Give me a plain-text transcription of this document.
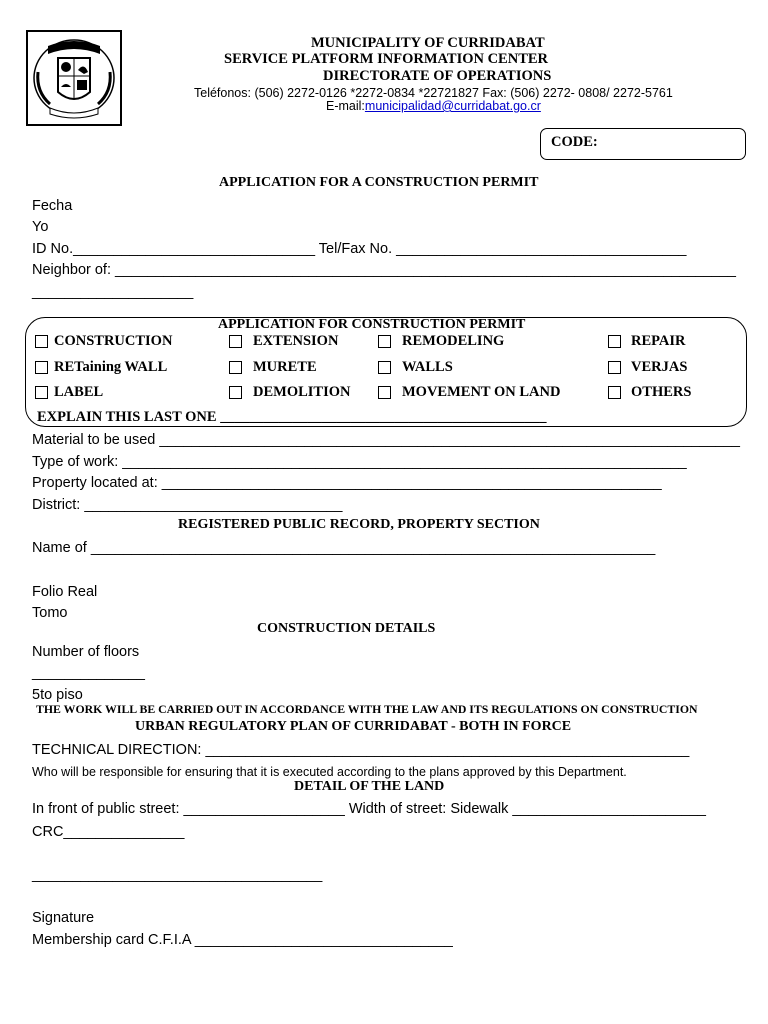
MUNICIPALITY OF CURRIDABAT
SERVICE PLATFORM INFORMATION CENTER
DIRECTORATE OF OPERATIONS
Teléfonos: (506) 2272-0126 *2272-0834 *22721827 Fax: (506) 2272- 0808/ 2272-5761
E-mail:municipalidad@curridabat.go.cr
CODE:
APPLICATION FOR A CONSTRUCTION PERMIT
Fecha
Yo
ID No.______________________________ Tel/Fax No. ____________________________________
Neighbor of: _____________________________________________________________________________
____________________
APPLICATION FOR CONSTRUCTION PERMIT
CONSTRUCTION	EXTENSION	REMODELING	REPAIR
RETaining WALL	MURETE	WALLS	VERJAS
LABEL	DEMOLITION	MOVEMENT ON LAND	OTHERS
EXPLAIN THIS LAST ONE _____________________________________________
Material to be used ________________________________________________________________________
Type of work: ______________________________________________________________________
Property located at: ______________________________________________________________
District: ________________________________
REGISTERED PUBLIC RECORD, PROPERTY SECTION
Name of ______________________________________________________________________
Folio Real
Tomo
CONSTRUCTION DETAILS
Number of floors
______________
5to piso
THE WORK WILL BE CARRIED OUT IN ACCORDANCE WITH THE LAW AND ITS REGULATIONS ON CONSTRUCTION
URBAN REGULATORY PLAN OF CURRIDABAT - BOTH IN FORCE
TECHNICAL DIRECTION: ____________________________________________________________
Who will be responsible for ensuring that it is executed according to the plans approved by this Department.
DETAIL OF THE LAND
In front of public street: ____________________ Width of street: Sidewalk ________________________
CRC_______________
____________________________________
Signature
Membership card C.F.I.A ________________________________
